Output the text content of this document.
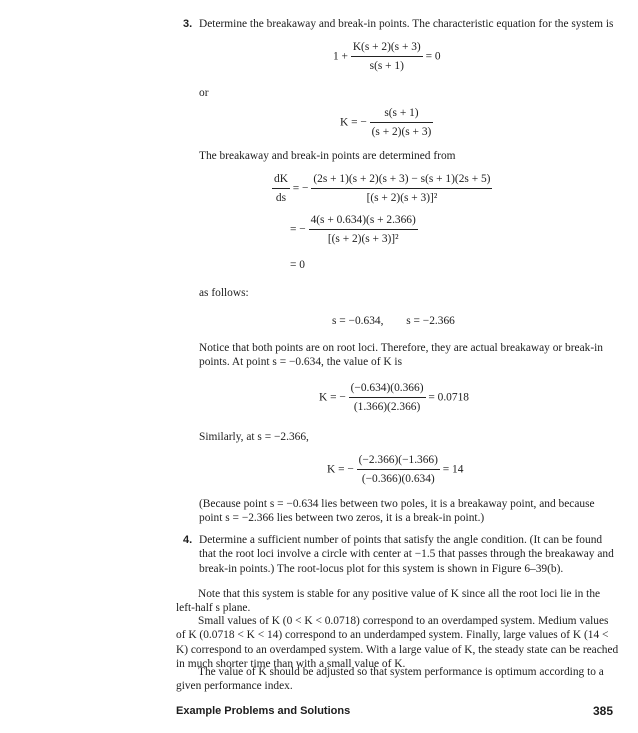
3. Determine the breakaway and break-in points. The characteristic equation for the system is
$1 + \frac{K(s + 2)(s + 3)}{s(s + 1)} = 0$
or
K = − $\frac{s(s + 1)}{(s + 2)(s + 3)}$
The breakaway and break-in points are determined from
$\frac{dK}{ds}$ = − $\frac{(2s + 1)(s + 2)(s + 3) - s(s + 1)(2s + 5)}{\text{[(s + 2)(s + 3)]²}}$
= − $\frac{4(s + 0.634)(s + 2.366)}{\text{[(s + 2)(s + 3)]²}}$
= 0
as follows:
s = −0.634,        s = −2.366
Notice that both points are on root loci. Therefore, they are actual breakaway or break-in points. At point s = −0.634, the value of K is
K = − $\frac{(-0.634)(0.366)}{(1.366)(2.366)} = 0.0718$
Similarly, at s = −2.366,
K = − $\frac{(-2.366)(-1.366)}{(-0.366)(0.634)} = 14$
(Because point s = −0.634 lies between two poles, it is a breakaway point, and because point s = −2.366 lies between two zeros, it is a break-in point.)
4. Determine a sufficient number of points that satisfy the angle condition. (It can be found that the root loci involve a circle with center at −1.5 that passes through the breakaway and break-in points.) The root-locus plot for this system is shown in Figure 6–39(b).
Note that this system is stable for any positive value of K since all the root loci lie in the left-half s plane.
Small values of K (0 < K < 0.0718) correspond to an overdamped system. Medium values of K (0.0718 < K < 14) correspond to an underdamped system. Finally, large values of K (14 < K) correspond to an overdamped system. With a large value of K, the steady state can be reached in much shorter time than with a small value of K.
The value of K should be adjusted so that system performance is optimum according to a given performance index.
Example Problems and Solutions	385
